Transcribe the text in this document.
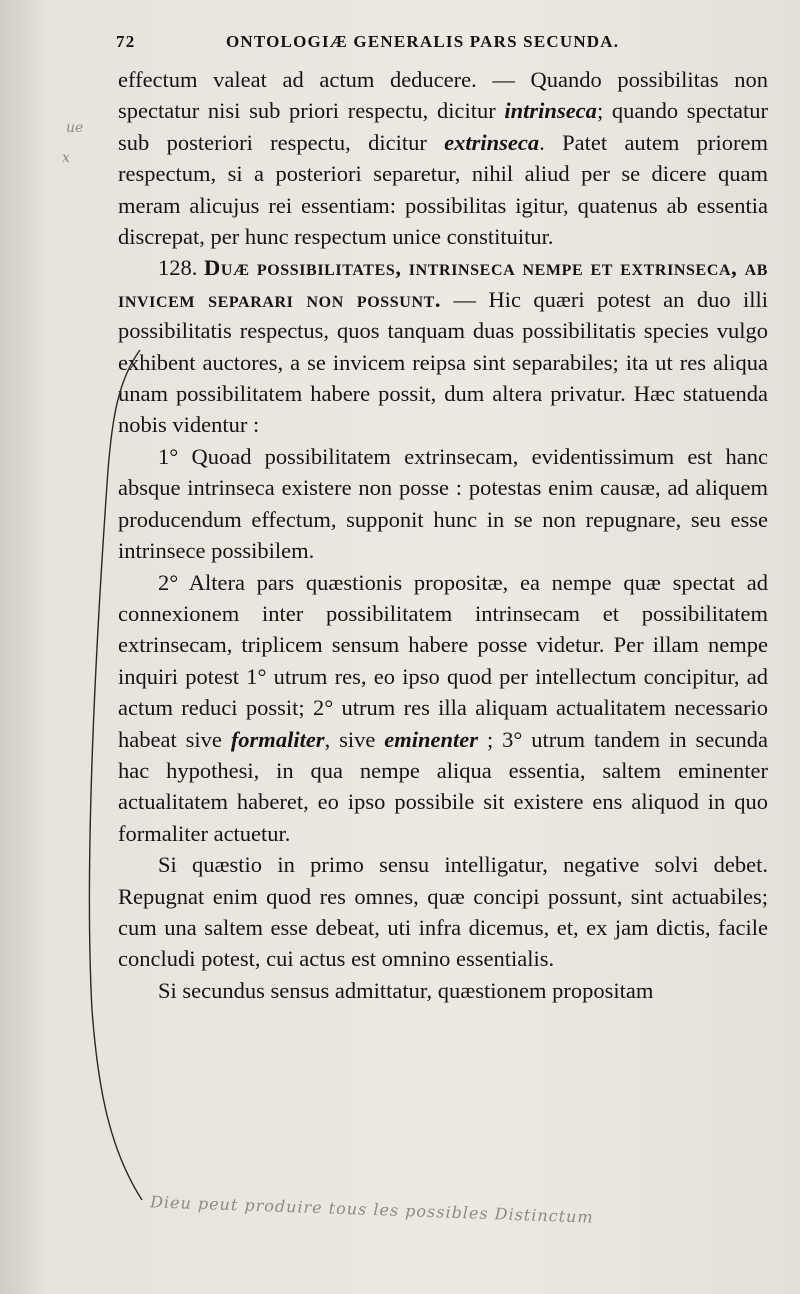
72	ONTOLOGIÆ GENERALIS PARS SECUNDA.

effectum valeat ad actum deducere. — Quando possibilitas non spectatur nisi sub priori respectu, dicitur intrinseca; quando spectatur sub posteriori respectu, dicitur extrinseca. Patet autem priorem respectum, si a posteriori separetur, nihil aliud per se dicere quam meram alicujus rei essentiam: possibilitas igitur, quatenus ab essentia discrepat, per hunc respectum unice constituitur.

128. Duæ possibilitates, intrinseca nempe et extrinseca, ab invicem separari non possunt. — Hic quæri potest an duo illi possibilitatis respectus, quos tanquam duas possibilitatis species vulgo exhibent auctores, a se invicem reipsa sint separabiles; ita ut res aliqua unam possibilitatem habere possit, dum altera privatur. Hæc statuenda nobis videntur :

1° Quoad possibilitatem extrinsecam, evidentissimum est hanc absque intrinseca existere non posse : potestas enim causæ, ad aliquem producendum effectum, supponit hunc in se non repugnare, seu esse intrinsece possibilem.

2° Altera pars quæstionis propositæ, ea nempe quæ spectat ad connexionem inter possibilitatem intrinsecam et possibilitatem extrinsecam, triplicem sensum habere posse videtur. Per illam nempe inquiri potest 1° utrum res, eo ipso quod per intellectum concipitur, ad actum reduci possit; 2° utrum res illa aliquam actualitatem necessario habeat sive formaliter, sive eminenter ; 3° utrum tandem in secunda hac hypothesi, in qua nempe aliqua essentia, saltem eminenter actualitatem haberet, eo ipso possibile sit existere ens aliquod in quo formaliter actuetur.

Si quæstio in primo sensu intelligatur, negative solvi debet. Repugnat enim quod res omnes, quæ concipi possunt, sint actuabiles; cum una saltem esse debeat, uti infra dicemus, et, ex jam dictis, facile concludi potest, cui actus est omnino essentialis.

Si secundus sensus admittatur, quæstionem propositam

ue
x
Dieu peut produire tous les possibles Distinctum
